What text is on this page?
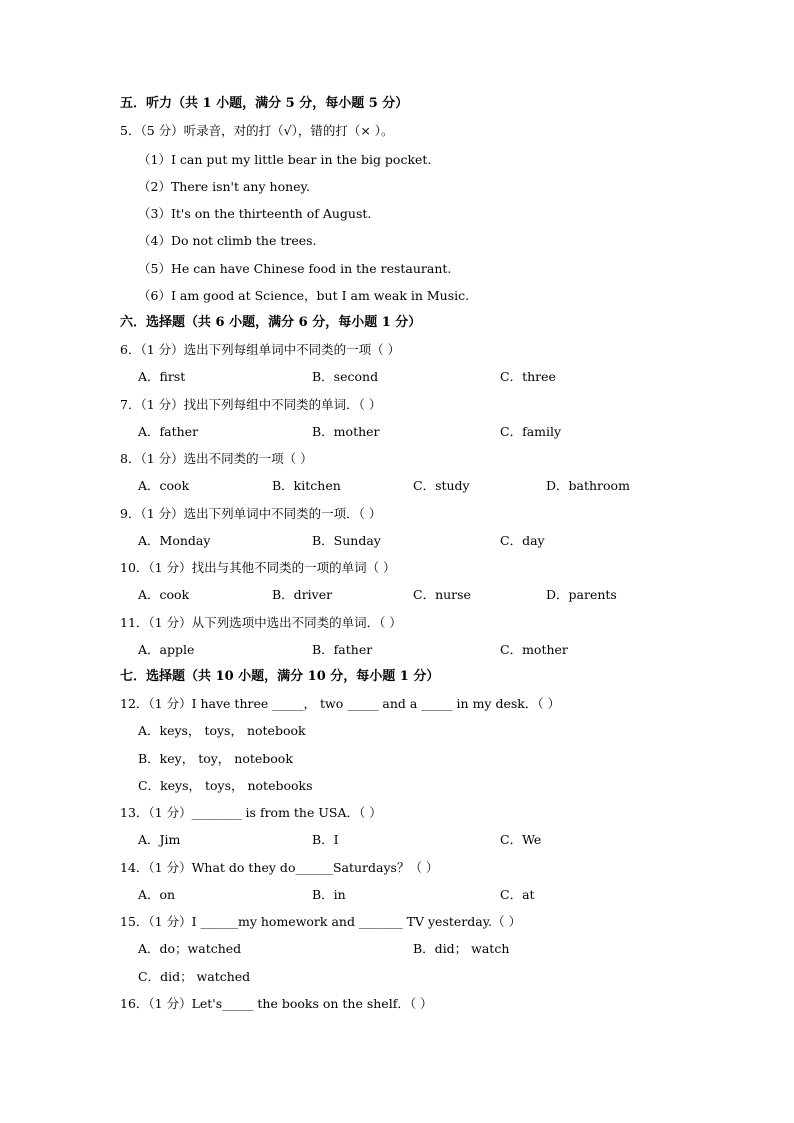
五．听力（共 1 小题，满分 5 分，每小题 5 分）
5．（5 分）听录音，对的打（√），错的打（× ）。
（1）I can put my little bear in the big pocket.
（2）There isn't any honey.
（3）It's on the thirteenth of August.
（4）Do not climb the trees.
（5）He can have Chinese food in the restaurant.
（6）I am good at Science，but I am weak in Music.
六．选择题（共 6 小题，满分 6 分，每小题 1 分）
6．（1 分）选出下列每组单词中不同类的一项（ ）
A．first	B．second	C．three
7．（1 分）找出下列每组中不同类的单词．（ ）
A．father	B．mother	C．family
8．（1 分）选出不同类的一项（ ）
A．cook	B．kitchen	C．study	D．bathroom
9．（1 分）选出下列单词中不同类的一项．（ ）
A．Monday	B．Sunday	C．day
10．（1 分）找出与其他不同类的一项的单词（ ）
A．cook	B．driver	C．nurse	D．parents
11．（1 分）从下列选项中选出不同类的单词．（ ）
A．apple	B．father	C．mother
七．选择题（共 10 小题，满分 10 分，每小题 1 分）
12．（1 分）I have three _____， two _____ and a _____ in my desk．（ ）
A．keys， toys， notebook
B．key， toy， notebook
C．keys， toys， notebooks
13．（1 分）________ is from the USA．（ ）
A．Jim	B．I	C．We
14．（1 分）What do they do______Saturdays？（ ）
A．on	B．in	C．at
15．（1 分）I ______my homework and _______ TV yesterday.（ ）
A．do；watched	B．did； watch
C．did； watched
16．（1 分）Let's_____ the books on the shelf．（ ）
